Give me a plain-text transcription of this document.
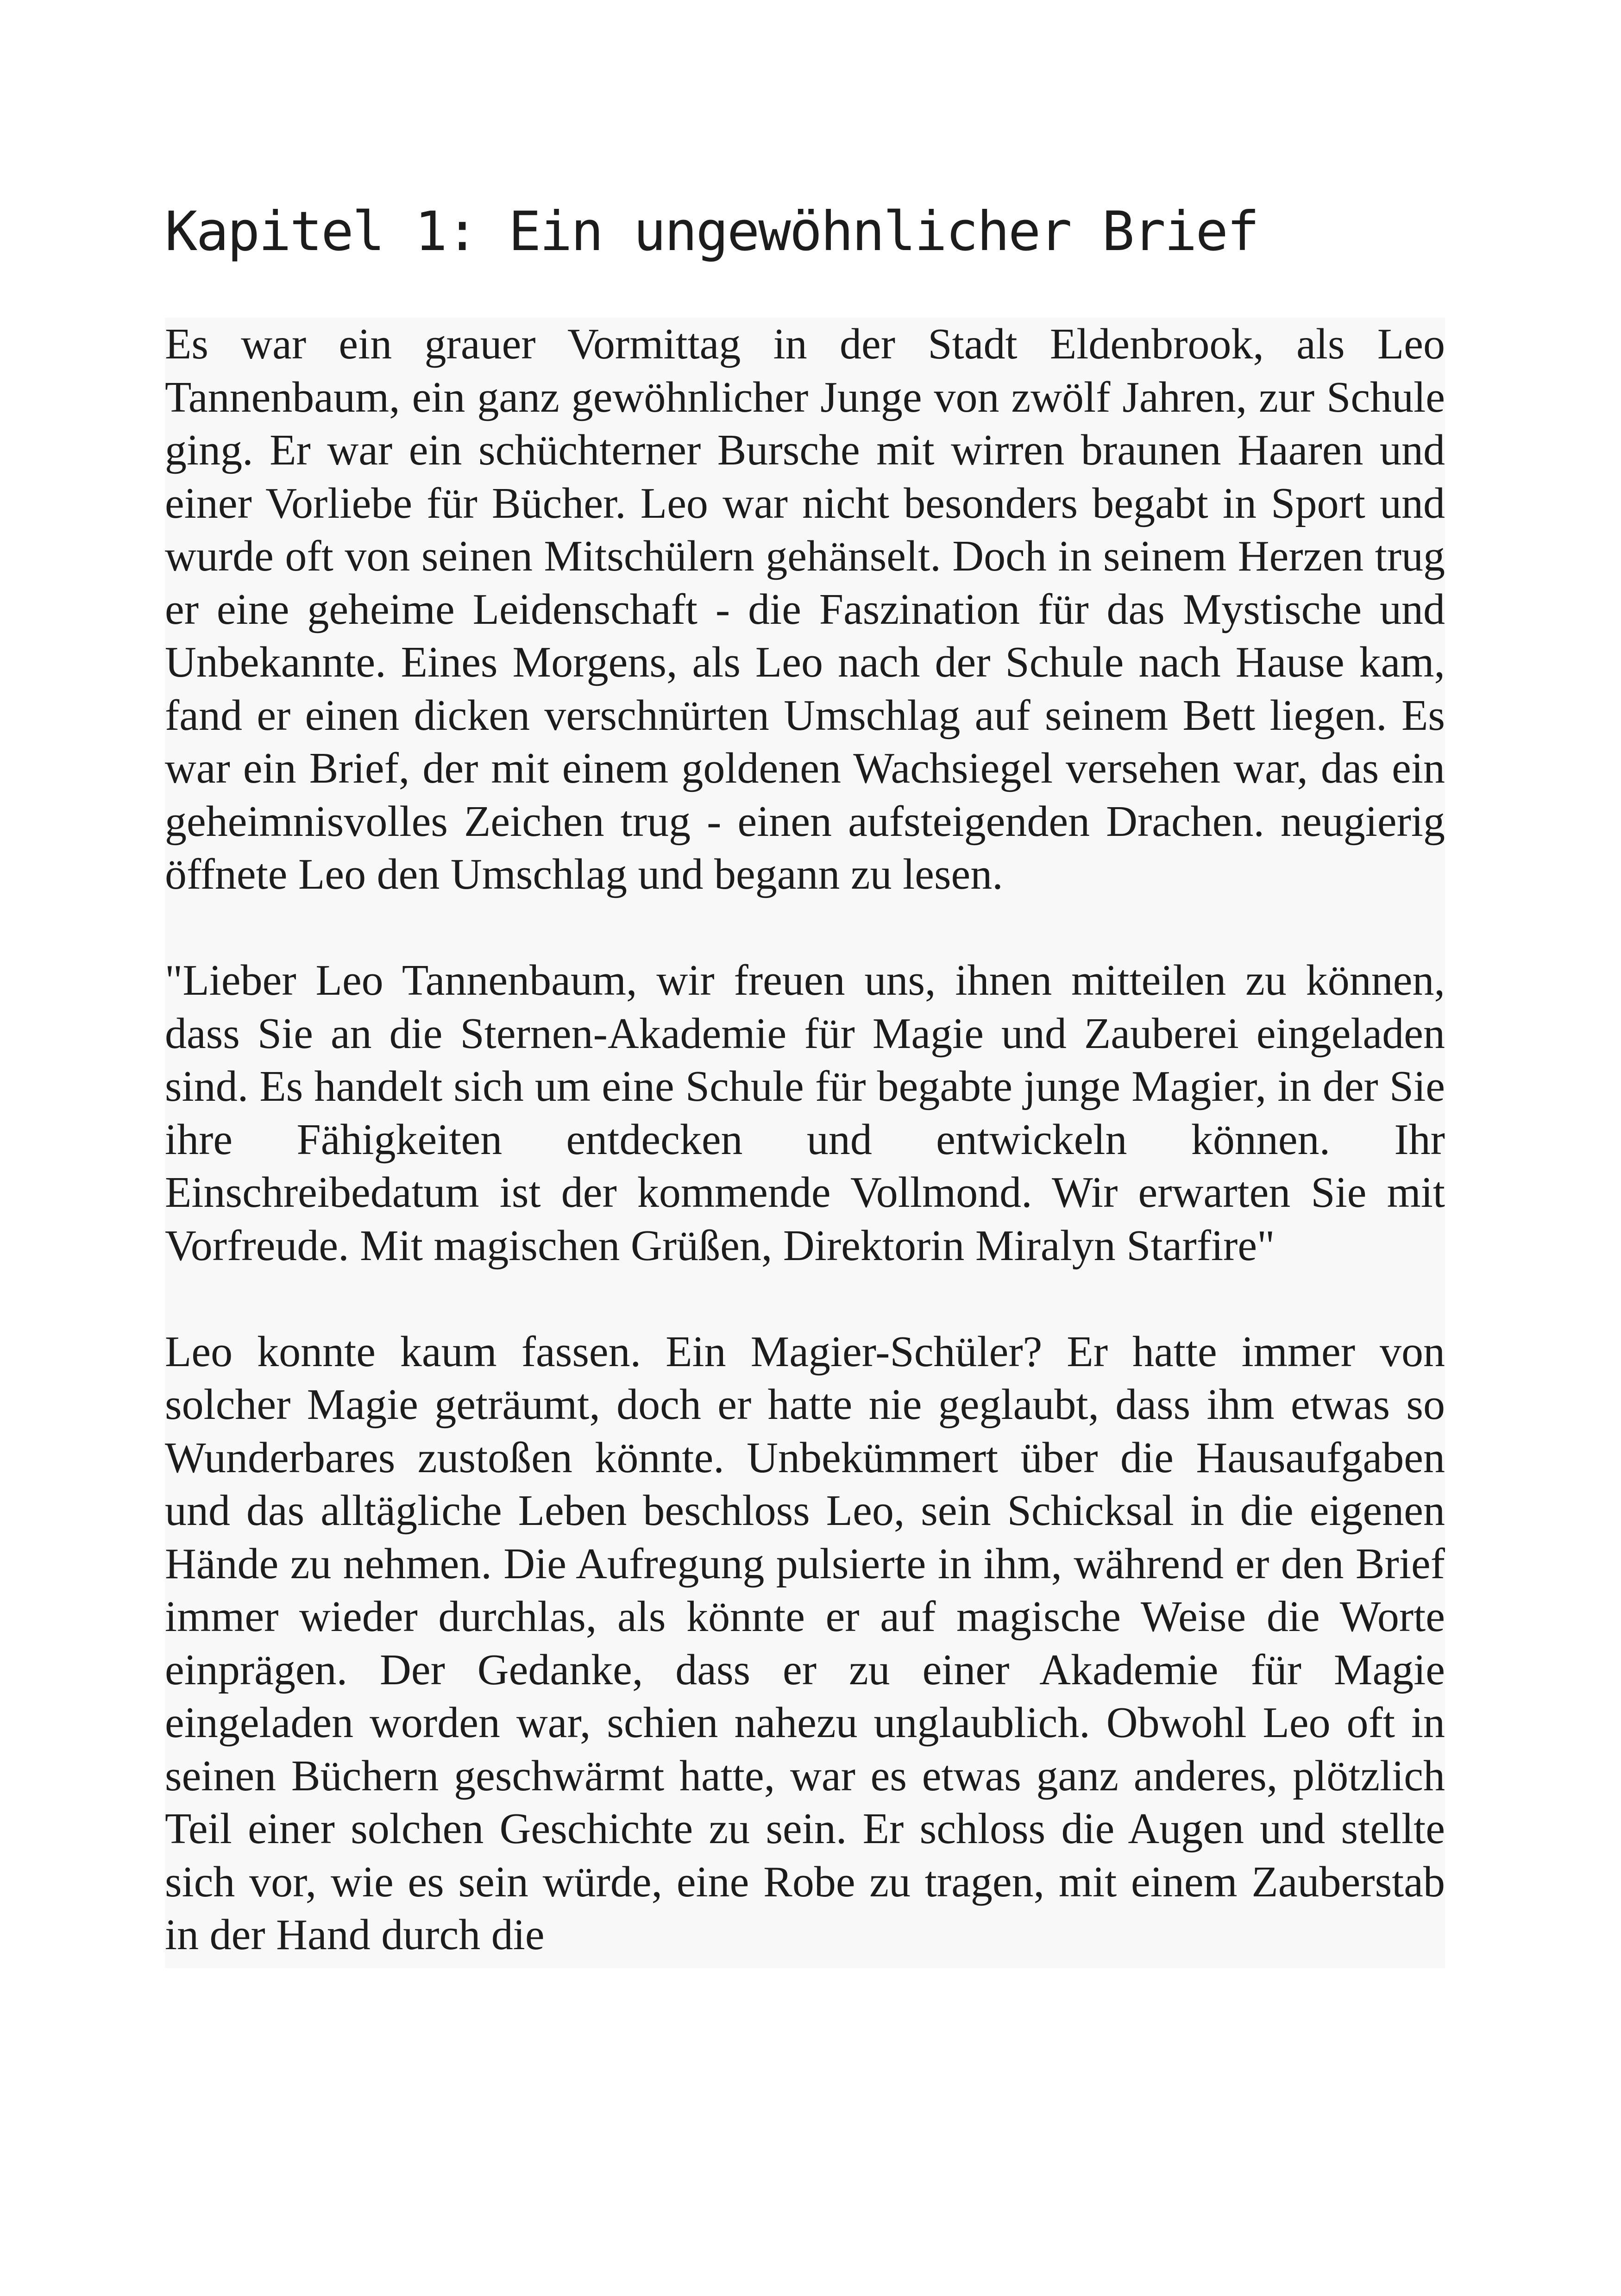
Kapitel 1: Ein ungewöhnlicher Brief

Es war ein grauer Vormittag in der Stadt Eldenbrook, als Leo Tannenbaum, ein ganz gewöhnlicher Junge von zwölf Jahren, zur Schule ging. Er war ein schüchterner Bursche mit wirren braunen Haaren und einer Vorliebe für Bücher. Leo war nicht besonders begabt in Sport und wurde oft von seinen Mitschülern gehänselt. Doch in seinem Herzen trug er eine geheime Leidenschaft - die Faszination für das Mystische und Unbekannte. Eines Morgens, als Leo nach der Schule nach Hause kam, fand er einen dicken verschnürten Umschlag auf seinem Bett liegen. Es war ein Brief, der mit einem goldenen Wachsiegel versehen war, das ein geheimnisvolles Zeichen trug - einen aufsteigenden Drachen. neugierig öffnete Leo den Umschlag und begann zu lesen.

"Lieber Leo Tannenbaum, wir freuen uns, ihnen mitteilen zu können, dass Sie an die Sternen-Akademie für Magie und Zauberei eingeladen sind. Es handelt sich um eine Schule für begabte junge Magier, in der Sie ihre Fähigkeiten entdecken und entwickeln können. Ihr Einschreibedatum ist der kommende Vollmond. Wir erwarten Sie mit Vorfreude. Mit magischen Grüßen, Direktorin Miralyn Starfire"

Leo konnte kaum fassen. Ein Magier-Schüler? Er hatte immer von solcher Magie geträumt, doch er hatte nie geglaubt, dass ihm etwas so Wunderbares zustoßen könnte. Unbekümmert über die Hausaufgaben und das alltägliche Leben beschloss Leo, sein Schicksal in die eigenen Hände zu nehmen. Die Aufregung pulsierte in ihm, während er den Brief immer wieder durchlas, als könnte er auf magische Weise die Worte einprägen. Der Gedanke, dass er zu einer Akademie für Magie eingeladen worden war, schien nahezu unglaublich. Obwohl Leo oft in seinen Büchern geschwärmt hatte, war es etwas ganz anderes, plötzlich Teil einer solchen Geschichte zu sein. Er schloss die Augen und stellte sich vor, wie es sein würde, eine Robe zu tragen, mit einem Zauberstab in der Hand durch die
